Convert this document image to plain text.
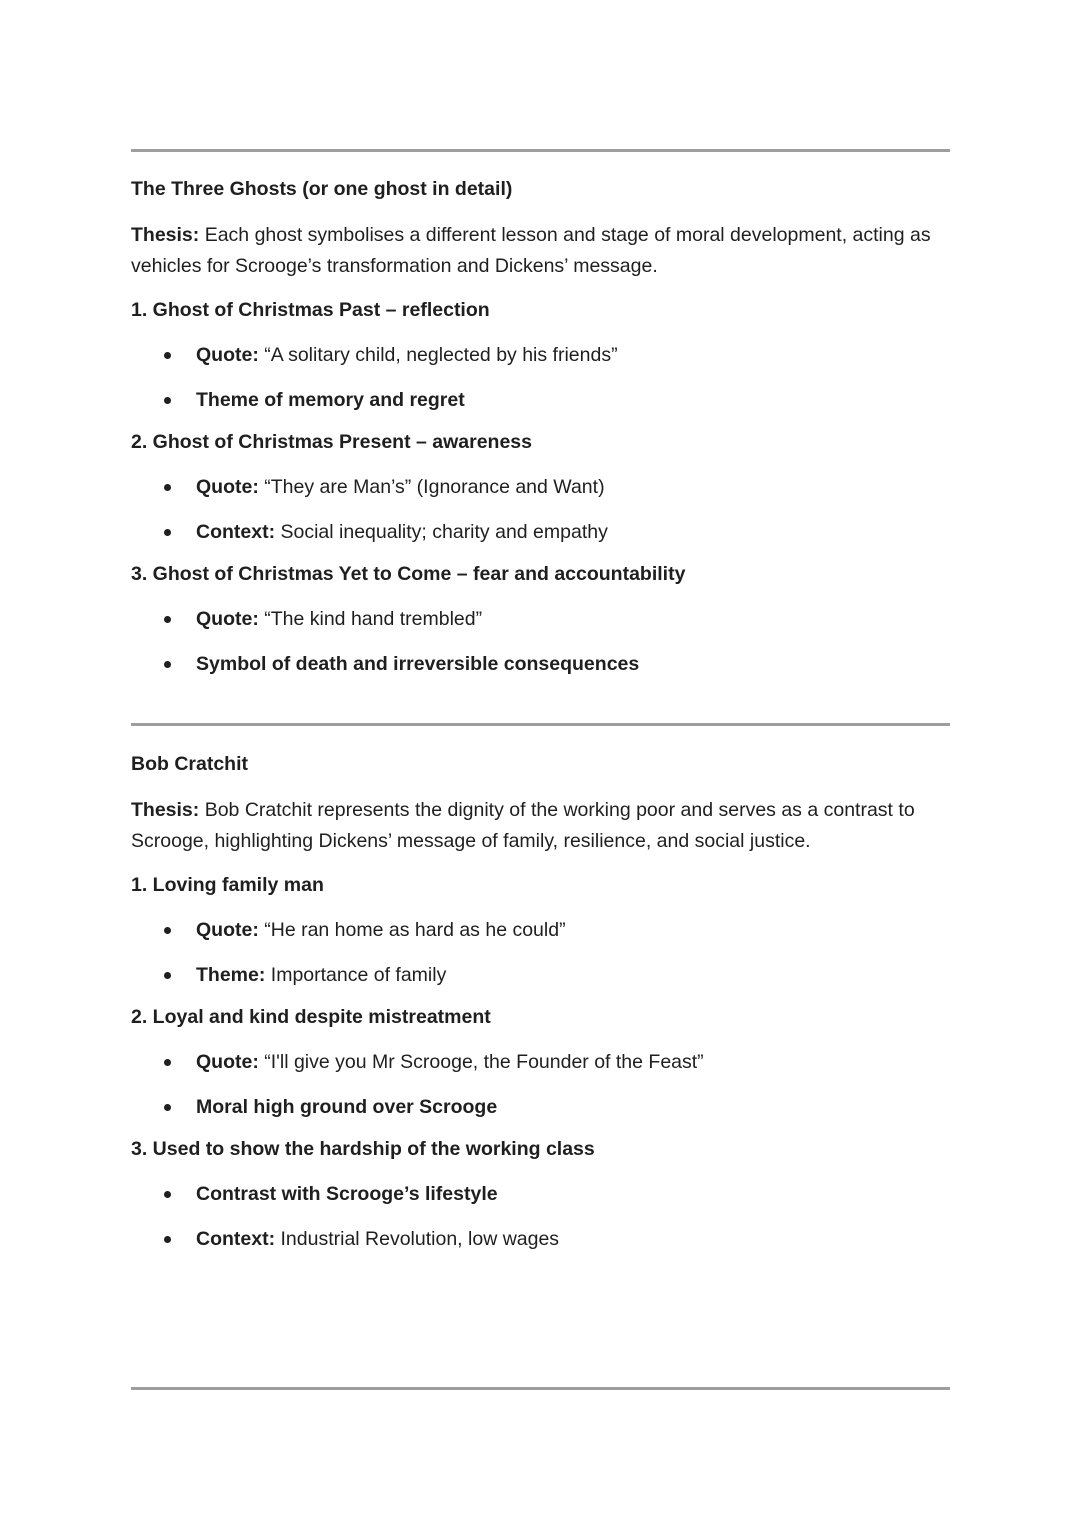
The Three Ghosts (or one ghost in detail)

Thesis: Each ghost symbolises a different lesson and stage of moral development, acting as vehicles for Scrooge’s transformation and Dickens’ message.

1. Ghost of Christmas Past – reflection

Quote: “A solitary child, neglected by his friends”
Theme of memory and regret

2. Ghost of Christmas Present – awareness

Quote: “They are Man’s” (Ignorance and Want)
Context: Social inequality; charity and empathy

3. Ghost of Christmas Yet to Come – fear and accountability

Quote: “The kind hand trembled”
Symbol of death and irreversible consequences

Bob Cratchit

Thesis: Bob Cratchit represents the dignity of the working poor and serves as a contrast to Scrooge, highlighting Dickens’ message of family, resilience, and social justice.

1. Loving family man

Quote: “He ran home as hard as he could”
Theme: Importance of family

2. Loyal and kind despite mistreatment

Quote: “I'll give you Mr Scrooge, the Founder of the Feast”
Moral high ground over Scrooge

3. Used to show the hardship of the working class

Contrast with Scrooge’s lifestyle
Context: Industrial Revolution, low wages
